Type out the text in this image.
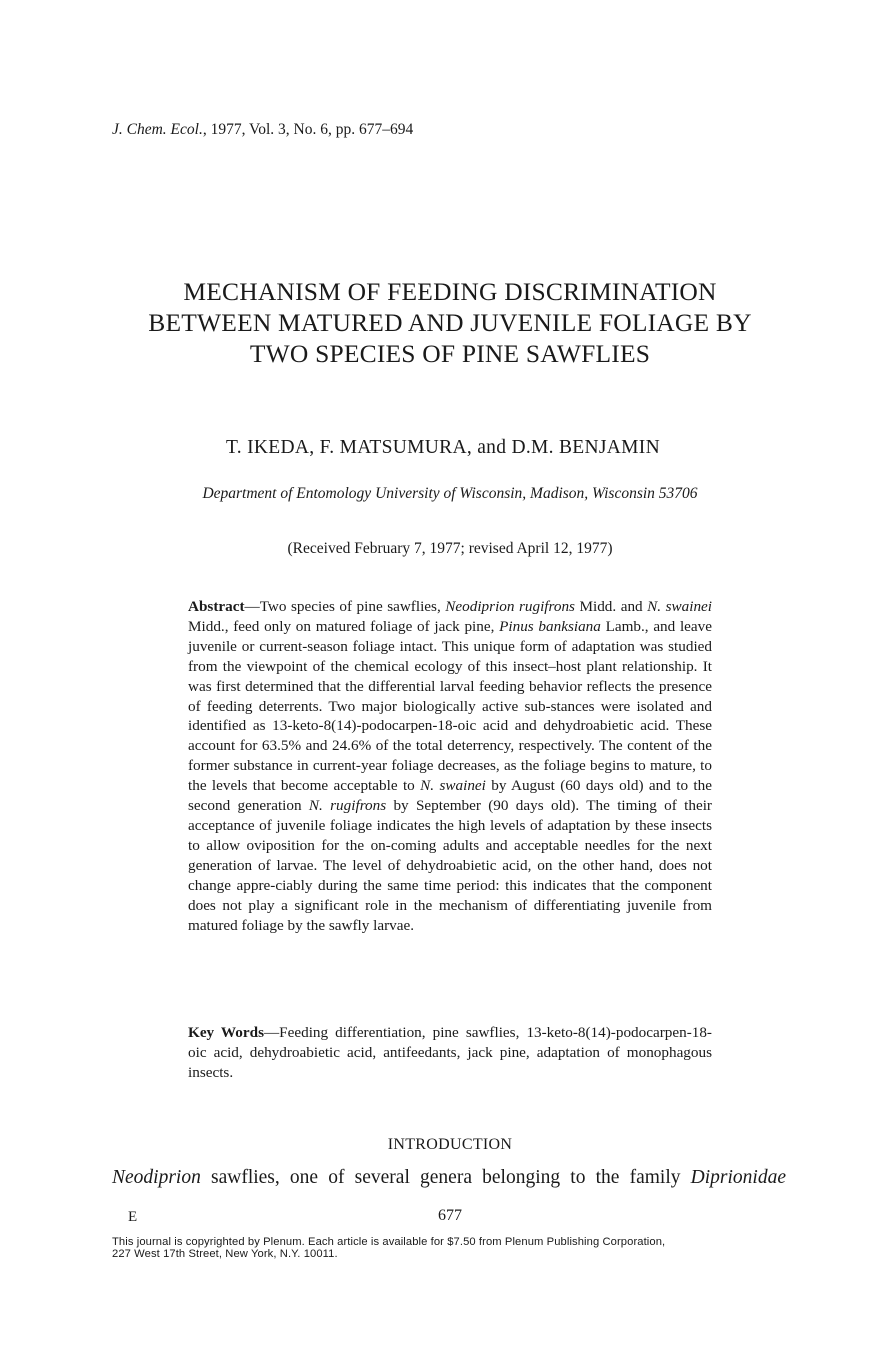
J. Chem. Ecol., 1977, Vol. 3, No. 6, pp. 677–694
MECHANISM OF FEEDING DISCRIMINATION
BETWEEN MATURED AND JUVENILE FOLIAGE BY
TWO SPECIES OF PINE SAWFLIES
T. IKEDA, F. MATSUMURA, and D.M. BENJAMIN
Department of Entomology University of Wisconsin, Madison, Wisconsin 53706
(Received February 7, 1977; revised April 12, 1977)
Abstract—Two species of pine sawflies, Neodiprion rugifrons Midd. and N. swainei Midd., feed only on matured foliage of jack pine, Pinus banksiana Lamb., and leave juvenile or current-season foliage intact. This unique form of adaptation was studied from the viewpoint of the chemical ecology of this insect–host plant relationship. It was first determined that the differential larval feeding behavior reflects the presence of feeding deterrents. Two major biologically active sub-stances were isolated and identified as 13-keto-8(14)-podocarpen-18-oic acid and dehydroabietic acid. These account for 63.5% and 24.6% of the total deterrency, respectively. The content of the former substance in current-year foliage decreases, as the foliage begins to mature, to the levels that become acceptable to N. swainei by August (60 days old) and to the second generation N. rugifrons by September (90 days old). The timing of their acceptance of juvenile foliage indicates the high levels of adaptation by these insects to allow oviposition for the on-coming adults and acceptable needles for the next generation of larvae. The level of dehydroabietic acid, on the other hand, does not change appre-ciably during the same time period: this indicates that the component does not play a significant role in the mechanism of differentiating juvenile from matured foliage by the sawfly larvae.
Key Words—Feeding differentiation, pine sawflies, 13-keto-8(14)-podocarpen-18-oic acid, dehydroabietic acid, antifeedants, jack pine, adaptation of monophagous insects.
INTRODUCTION
Neodiprion sawflies, one of several genera belonging to the family Diprionidae
E	677
This journal is copyrighted by Plenum. Each article is available for $7.50 from Plenum Publishing Corporation,
227 West 17th Street, New York, N.Y. 10011.
